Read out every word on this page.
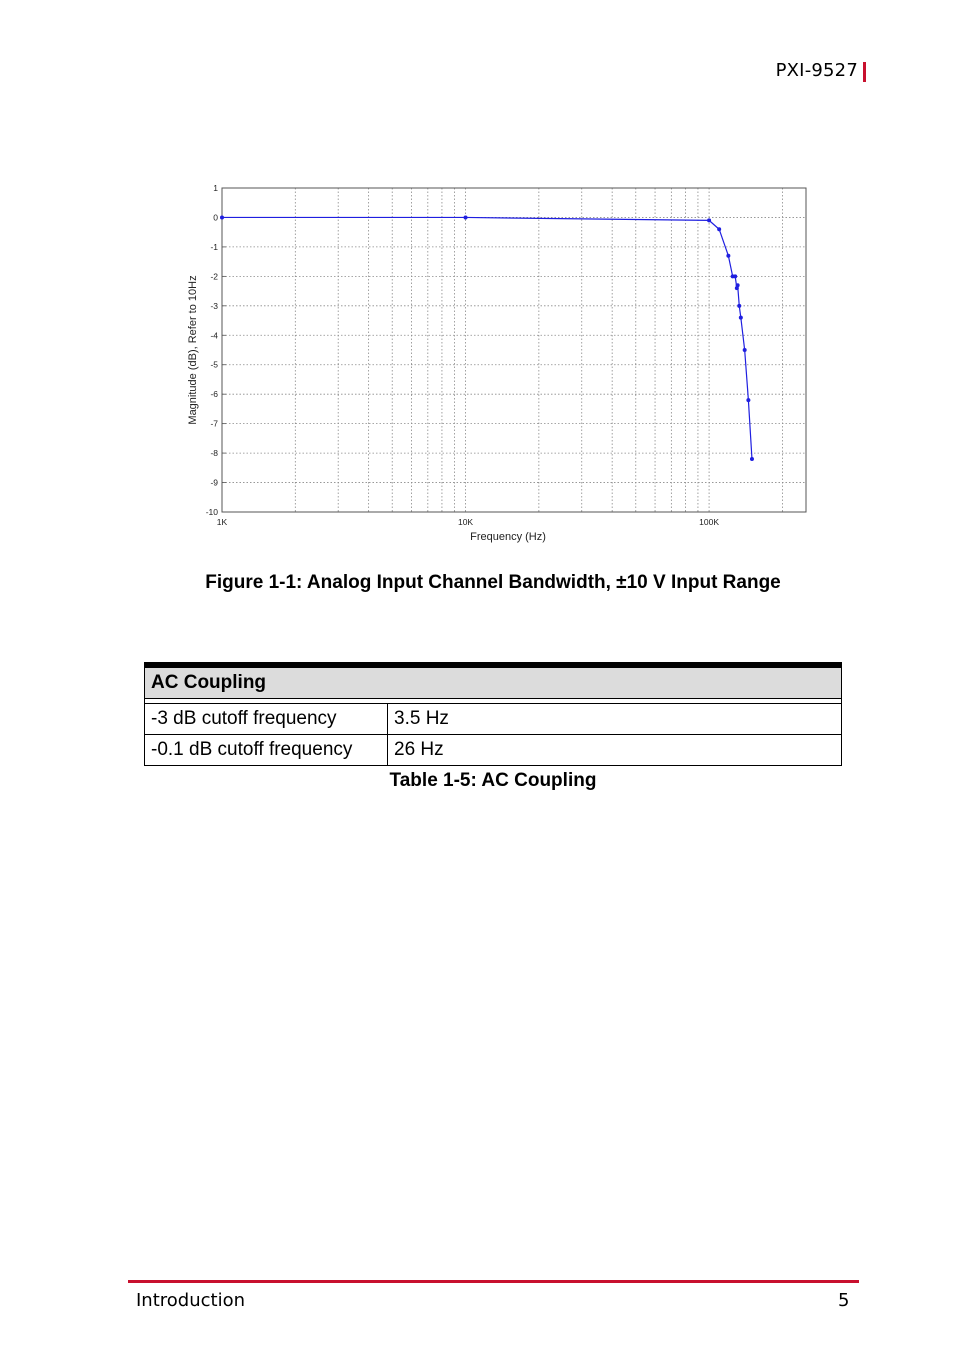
PXI-9527
1
0
-1
-2
-3
-4
-5
-6
-7
-8
-9
-10
1K	10K	100K
Frequency (Hz)
Magnitude (dB), Refer to 10Hz
Figure 1-1: Analog Input Channel Bandwidth, ±10 V Input Range
AC Coupling	

-3 dB cutoff frequency	3.5 Hz
-0.1 dB cutoff frequency	26 Hz
Table 1-5: AC Coupling
Introduction	5
